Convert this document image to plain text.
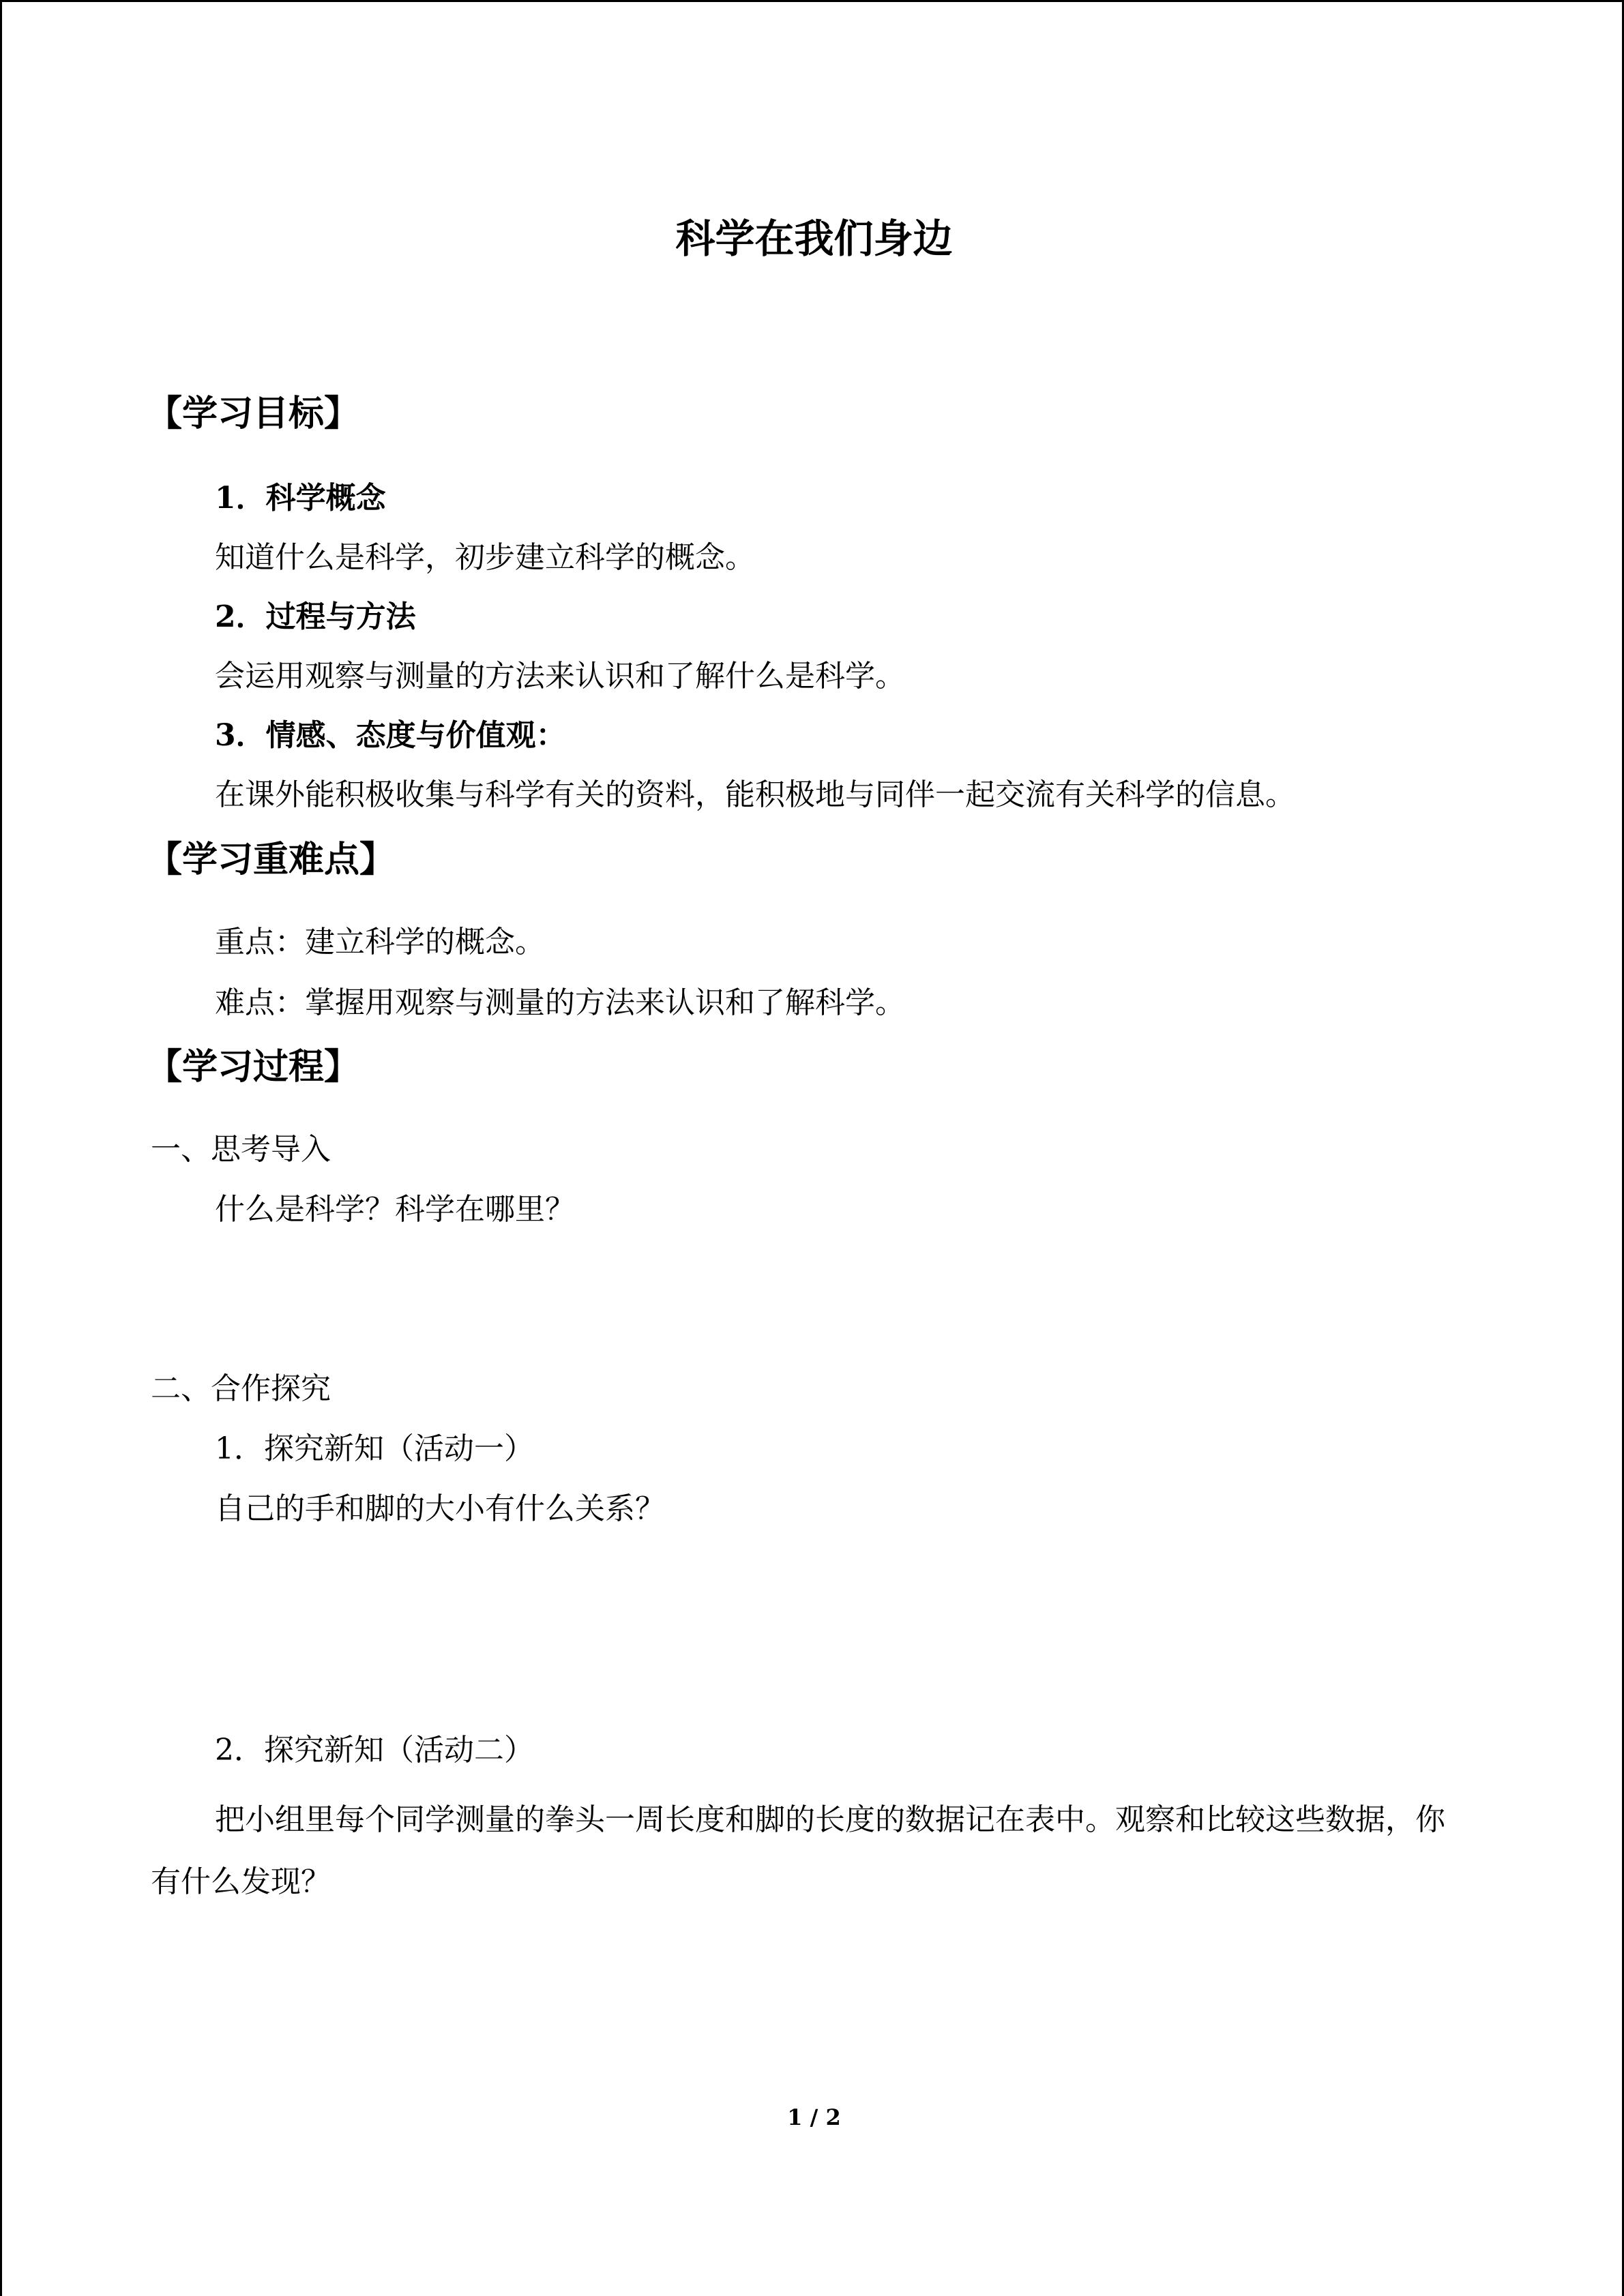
科学在我们身边
【学习目标】
1．科学概念
知道什么是科学，初步建立科学的概念。
2．过程与方法
会运用观察与测量的方法来认识和了解什么是科学。
3．情感、态度与价值观：
在课外能积极收集与科学有关的资料，能积极地与同伴一起交流有关科学的信息。
【学习重难点】
重点：建立科学的概念。
难点：掌握用观察与测量的方法来认识和了解科学。
【学习过程】
一、思考导入
什么是科学？科学在哪里？
二、合作探究
1．探究新知（活动一）
自己的手和脚的大小有什么关系？
2．探究新知（活动二）
把小组里每个同学测量的拳头一周长度和脚的长度的数据记在表中。观察和比较这些数据，你有什么发现？
1 / 2
